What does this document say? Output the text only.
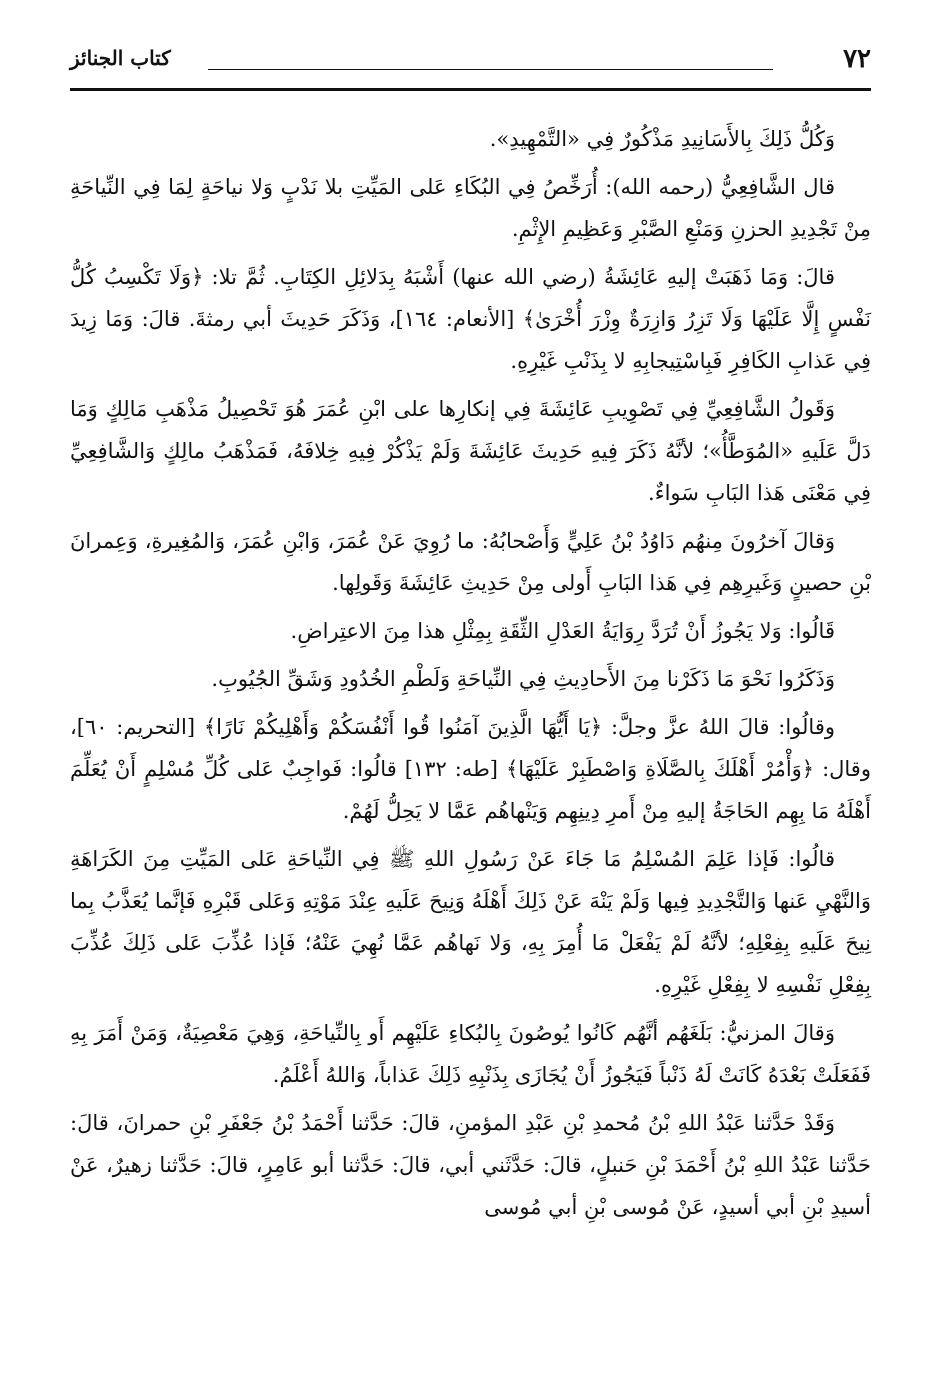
٧٢
كتاب الجنائز

وَكُلُّ ذَلِكَ بِالأَسَانِيدِ مَذْكُورٌ فِي «التَّمْهِيدِ».

قال الشَّافِعِيُّ (رحمه الله): أُرَخِّصُ فِي البُكَاءِ عَلى المَيِّتِ بلا نَدْبٍ وَلا نياحَةٍ لِمَا فِي النِّياحَةِ مِنْ تَجْدِيدِ الحزنِ وَمَنْعِ الصَّبْرِ وَعَظِيمِ الإِثْمِ.

قالَ: وَمَا ذَهَبَتْ إليهِ عَائِشَةُ (رضي الله عنها) أَشْبَهُ بِدَلائِلِ الكِتَابِ. ثُمَّ تلا: ﴿وَلَا تَكْسِبُ كُلُّ نَفْسٍ إِلَّا عَلَيْهَا وَلَا تَزِرُ وَازِرَةٌ وِزْرَ أُخْرَىٰ﴾ [الأنعام: ١٦٤]، وَذَكَرَ حَدِيثَ أبي رمثةَ. قالَ: وَمَا زِيدَ فِي عَذابِ الكَافِرِ فَبِاسْتِيجابِهِ لا بِذَنْبِ غَيْرِهِ.

وَقَولُ الشَّافِعِيِّ فِي تَصْوِيبِ عَائِشَةَ فِي إنكارِها على ابْنِ عُمَرَ هُوَ تَحْصِيلُ مَذْهَبِ مَالِكٍ وَمَا دَلَّ عَلَيهِ «المُوَطَّأُ»؛ لأنَّهُ ذَكَرَ فِيهِ حَدِيثَ عَائِشَةَ وَلَمْ يَذْكُرْ فِيهِ خِلافَهُ، فَمَذْهَبُ مالِكٍ وَالشَّافِعِيِّ فِي مَعْنَى هَذا البَابِ سَواءٌ.

وَقالَ آخرُونَ مِنهُم دَاوُدُ بْنُ عَلِيٍّ وَأَصْحابُهُ: ما رُوِيَ عَنْ عُمَرَ، وَابْنِ عُمَرَ، وَالمُغِيرةِ، وَعِمرانَ بْنِ حصينٍ وَغَيرِهِم فِي هَذا البَابِ أَولى مِنْ حَدِيثِ عَائِشَةَ وَقَولِها.

قَالُوا: وَلا يَجُوزُ أَنْ تُرَدَّ رِوَايَةُ العَدْلِ الثِّقَةِ بِمِثْلِ هذا مِنَ الاعتِراضِ.

وَذَكَرُوا نَحْوَ مَا ذَكَرْنا مِنَ الأَحادِيثِ فِي النِّياحَةِ وَلَطْمِ الخُدُودِ وَشَقِّ الجُيُوبِ.

وقالُوا: قالَ اللهُ عزَّ وجلَّ: ﴿يَا أَيُّهَا الَّذِينَ آمَنُوا قُوا أَنْفُسَكُمْ وَأَهْلِيكُمْ نَارًا﴾ [التحريم: ٦٠]، وقال: ﴿وَأْمُرْ أَهْلَكَ بِالصَّلَاةِ وَاصْطَبِرْ عَلَيْهَا﴾ [طه: ١٣٢] قالُوا: فَواجِبٌ عَلى كُلِّ مُسْلِمٍ أَنْ يُعَلِّمَ أَهْلَهُ مَا بِهِم الحَاجَةُ إليهِ مِنْ أَمرِ دِينِهِم وَيَنْهاهُم عَمَّا لا يَحِلُّ لَهُمْ.

قالُوا: فَإذا عَلِمَ المُسْلِمُ مَا جَاءَ عَنْ رَسُولِ اللهِ ﷺ فِي النِّياحَةِ عَلى المَيِّتِ مِنَ الكَرَاهَةِ وَالنَّهْيِ عَنها وَالتَّجْدِيدِ فِيها وَلَمْ يَنْهَ عَنْ ذَلِكَ أَهْلَهُ وَنِيحَ عَلَيهِ عِنْدَ مَوْتِهِ وَعَلى قَبْرِهِ فَإنَّما يُعَذَّبُ بِما نِيحَ عَلَيهِ بِفِعْلِهِ؛ لأنَّهُ لَمْ يَفْعَلْ مَا أُمِرَ بِهِ، وَلا نَهاهُم عَمَّا نُهِيَ عَنْهُ؛ فَإذا عُذِّبَ عَلى ذَلِكَ عُذِّبَ بِفِعْلِ نَفْسِهِ لا بِفِعْلِ غَيْرِهِ.

وَقالَ المزنيُّ: بَلَغَهُم أنَّهُم كَانُوا يُوصُونَ بِالبُكاءِ عَلَيْهِم أَو بِالنِّياحَةِ، وَهِيَ مَعْصِيَةٌ، وَمَنْ أَمَرَ بِهِ فَفَعَلَتْ بَعْدَهُ كَانَتْ لَهُ ذَنْباً فَيَجُوزُ أَنْ يُجَازَى بِذَنْبِهِ ذَلِكَ عَذاباً، وَاللهُ أَعْلَمُ.

وَقَدْ حَدَّثنا عَبْدُ اللهِ بْنُ مُحمدِ بْنِ عَبْدِ المؤمنِ، قالَ: حَدَّثنا أَحْمَدُ بْنُ جَعْفَرِ بْنِ حمرانَ، قالَ: حَدَّثنا عَبْدُ اللهِ بْنُ أَحْمَدَ بْنِ حَنبلٍ، قالَ: حَدَّثَني أبي، قالَ: حَدَّثنا أبو عَامِرٍ، قالَ: حَدَّثنا زهيرٌ، عَنْ أسيدِ بْنِ أبي أسيدٍ، عَنْ مُوسى بْنِ أبي مُوسى
